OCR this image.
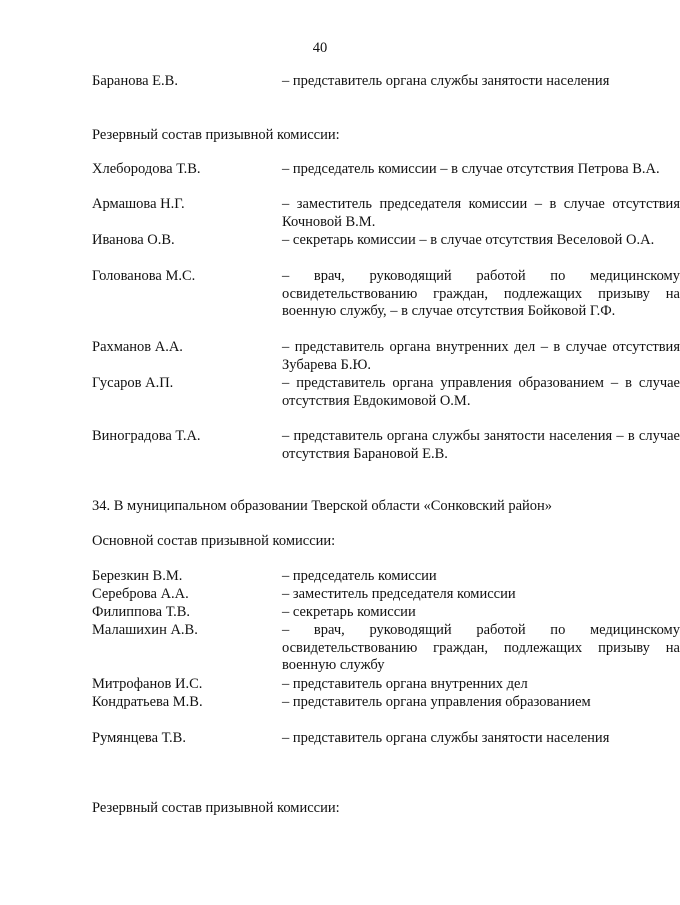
40
Баранова Е.В.	– представитель органа службы занятости населения
Резервный состав призывной комиссии:
Хлебородова Т.В.	– председатель комиссии – в случае отсутствия Петрова В.А.
Армашова Н.Г.	– заместитель председателя комиссии – в случае отсутствия Кочновой В.М.
Иванова О.В.	– секретарь комиссии – в случае отсутствия Веселовой О.А.
Голованова М.С.	– врач, руководящий работой по медицинскому освидетельствованию граждан, подлежащих призыву на военную службу, – в случае отсутствия Бойковой Г.Ф.
Рахманов А.А.	– представитель органа внутренних дел – в случае отсутствия Зубарева Б.Ю.
Гусаров А.П.	– представитель органа управления образованием – в случае отсутствия Евдокимовой О.М.
Виноградова Т.А.	– представитель органа службы занятости населения – в случае отсутствия Барановой Е.В.
34. В муниципальном образовании Тверской области «Сонковский район»
Основной состав призывной комиссии:
Березкин В.М.	– председатель комиссии
Сереброва А.А.	– заместитель председателя комиссии
Филиппова Т.В.	– секретарь комиссии
Малашихин А.В.	– врач, руководящий работой по медицинскому освидетельствованию граждан, подлежащих призыву на военную службу
Митрофанов И.С.	– представитель органа внутренних дел
Кондратьева М.В.	– представитель органа управления образованием
Румянцева Т.В.	– представитель органа службы занятости населения
Резервный состав призывной комиссии:
